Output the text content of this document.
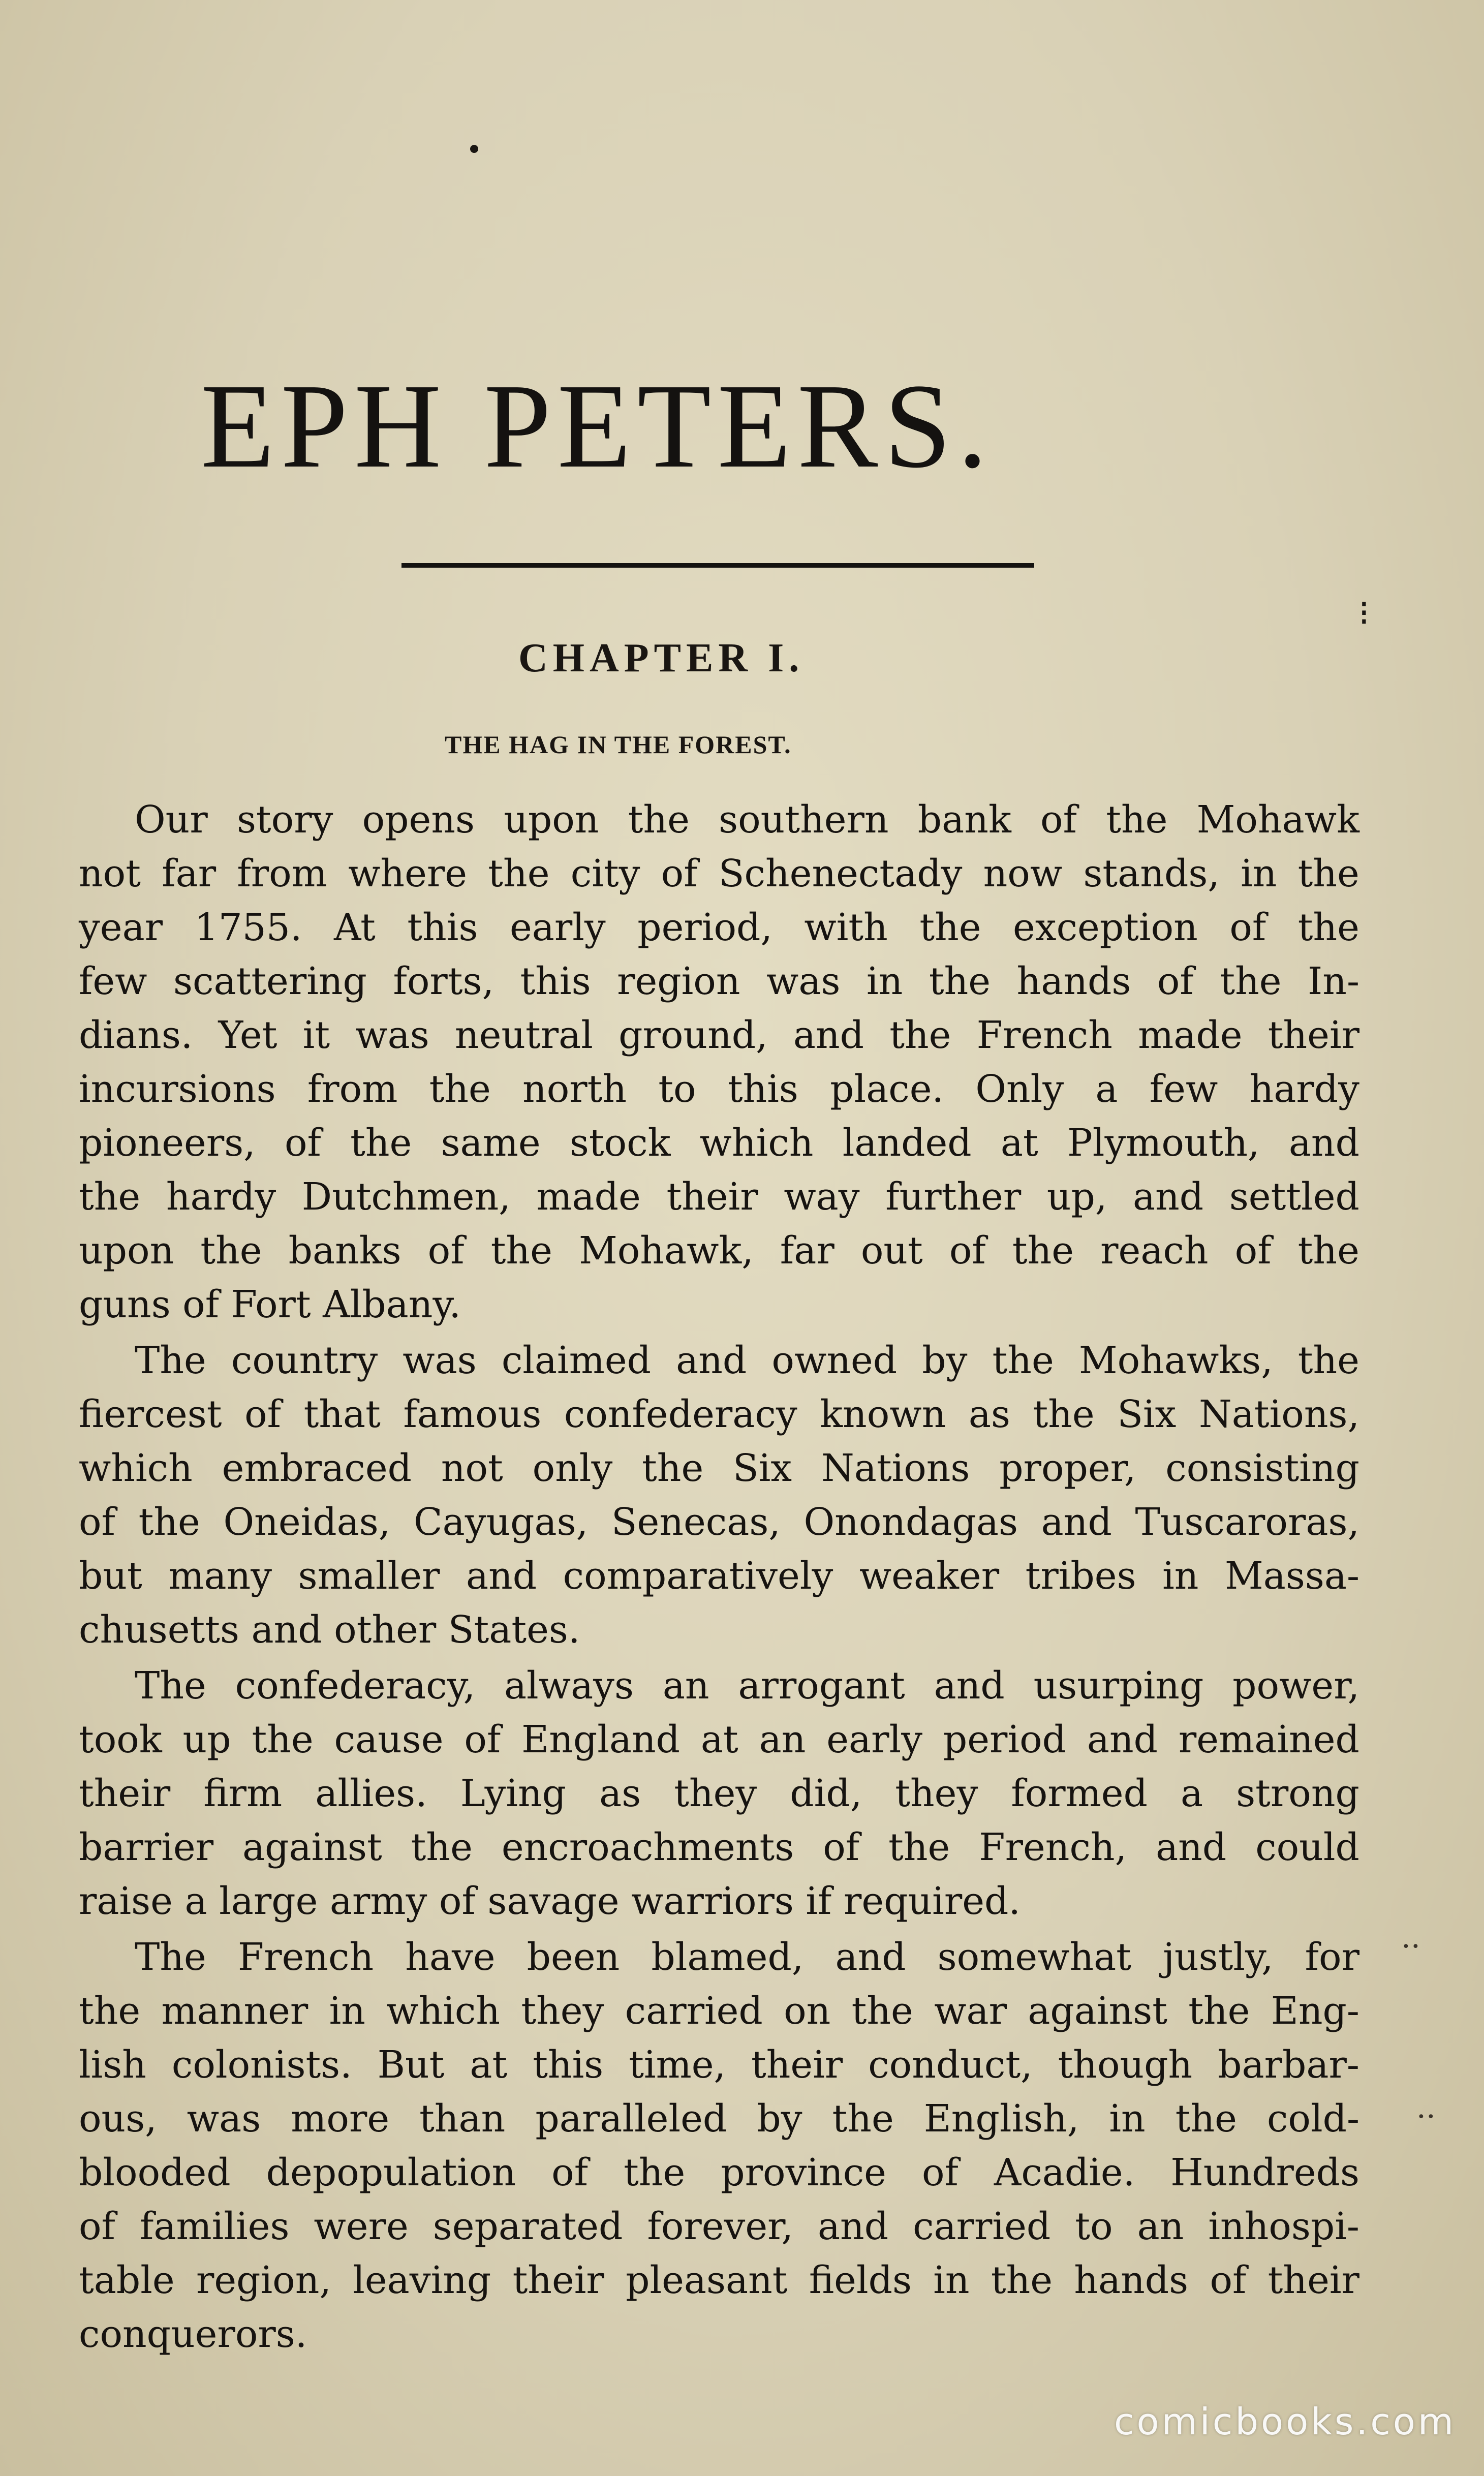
EPH PETERS.
⁝
CHAPTER I.
THE HAG IN THE FOREST.
Our story opens upon the southern bank of the Mohawk
not far from where the city of Schenectady now stands, in the
year 1755. At this early period, with the exception of the
few scattering forts, this region was in the hands of the In-
dians. Yet it was neutral ground, and the French made their
incursions from the north to this place. Only a few hardy
pioneers, of the same stock which landed at Plymouth, and
the hardy Dutchmen, made their way further up, and settled
upon the banks of the Mohawk, far out of the reach of the
guns of Fort Albany.
The country was claimed and owned by the Mohawks, the
fiercest of that famous confederacy known as the Six Nations,
which embraced not only the Six Nations proper, consisting
of the Oneidas, Cayugas, Senecas, Onondagas and Tuscaroras,
but many smaller and comparatively weaker tribes in Massa-
chusetts and other States.
The confederacy, always an arrogant and usurping power,
took up the cause of England at an early period and remained
their firm allies. Lying as they did, they formed a strong
barrier against the encroachments of the French, and could
raise a large army of savage warriors if required.
The French have been blamed, and somewhat justly, for
the manner in which they carried on the war against the Eng-
lish colonists. But at this time, their conduct, though barbar-
ous, was more than paralleled by the English, in the cold-
blooded depopulation of the province of Acadie. Hundreds
of families were separated forever, and carried to an inhospi-
table region, leaving their pleasant fields in the hands of their
conquerors.
··
··
comicbooks.com
